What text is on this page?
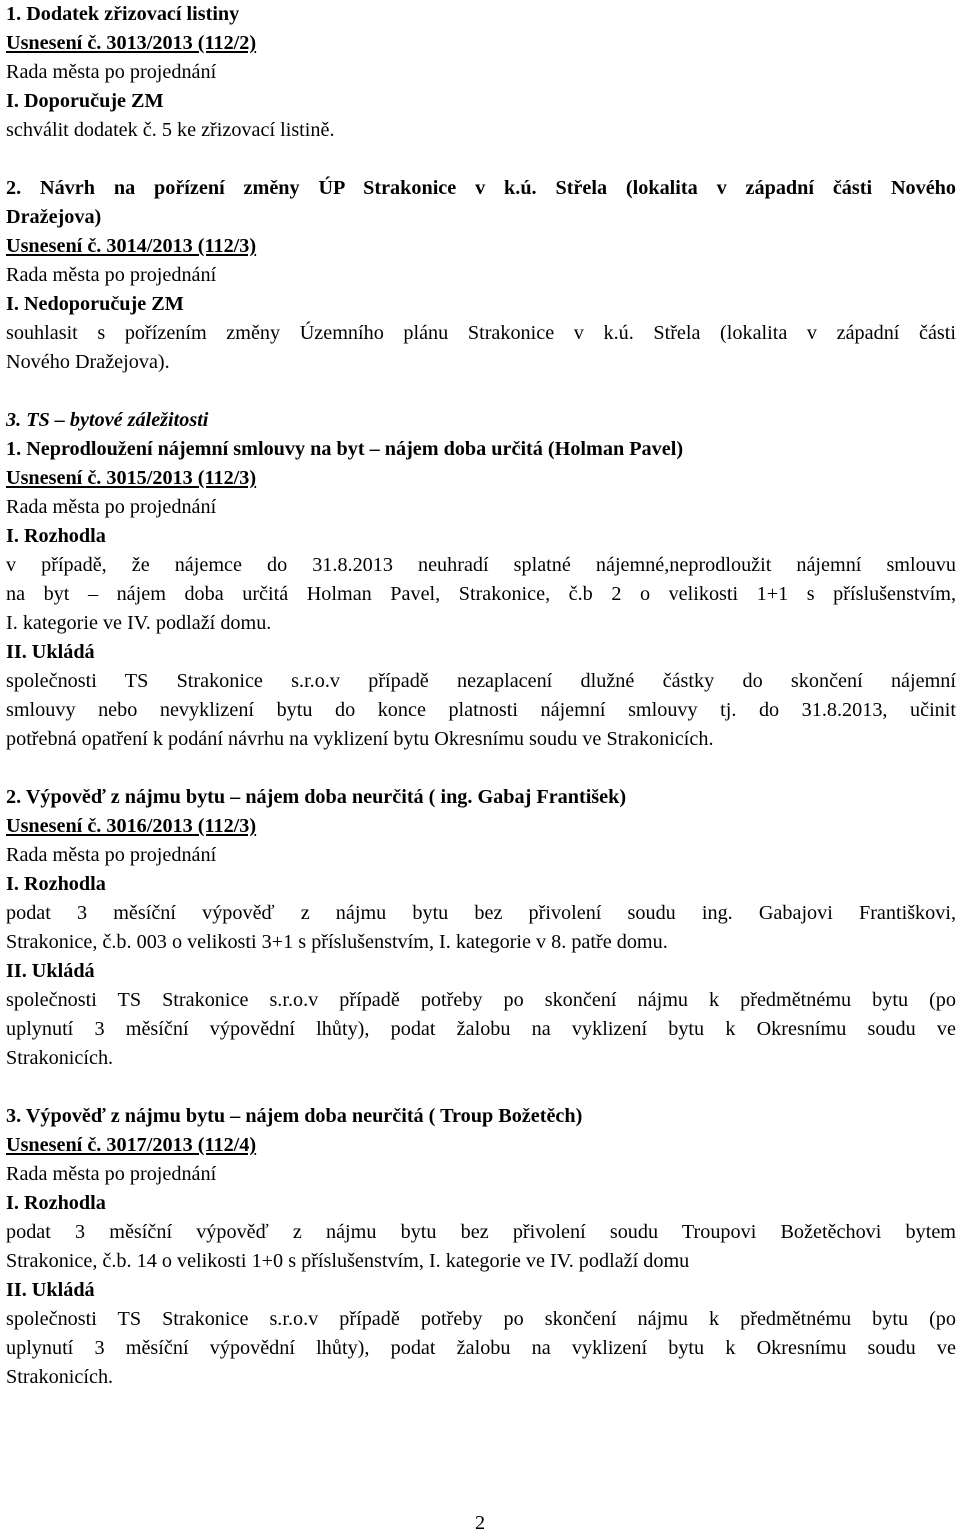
1. Dodatek zřizovací listiny
Usnesení č. 3013/2013 (112/2)
Rada města po projednání
I. Doporučuje ZM
schválit dodatek č. 5 ke zřizovací listině.
2. Návrh na pořízení změny ÚP Strakonice v k.ú. Střela (lokalita v západní části Nového
Dražejova)
Usnesení č. 3014/2013 (112/3)
Rada města po projednání
I. Nedoporučuje ZM
souhlasit s pořízením změny Územního plánu Strakonice v k.ú. Střela (lokalita v západní části
Nového Dražejova).
3. TS – bytové záležitosti
1. Neprodloužení nájemní smlouvy na byt – nájem doba určitá (Holman Pavel)
Usnesení č. 3015/2013 (112/3)
Rada města po projednání
I. Rozhodla
v případě, že nájemce do 31.8.2013 neuhradí splatné nájemné,neprodloužit nájemní smlouvu
na byt – nájem doba určitá Holman Pavel, Strakonice, č.b 2 o velikosti 1+1 s příslušenstvím,
I. kategorie ve IV. podlaží domu.
II. Ukládá
společnosti TS Strakonice s.r.o.v případě nezaplacení dlužné částky do skončení nájemní
smlouvy nebo nevyklizení bytu do konce platnosti nájemní smlouvy tj. do 31.8.2013, učinit
potřebná opatření k podání návrhu na vyklizení bytu Okresnímu soudu ve Strakonicích.
2. Výpověď z nájmu bytu – nájem doba neurčitá ( ing. Gabaj František)
Usnesení č. 3016/2013 (112/3)
Rada města po projednání
I. Rozhodla
podat 3 měsíční výpověď z nájmu bytu bez přivolení soudu ing. Gabajovi Františkovi,
Strakonice, č.b. 003 o velikosti 3+1 s příslušenstvím, I. kategorie v 8. patře domu.
II. Ukládá
společnosti TS Strakonice s.r.o.v případě potřeby po skončení nájmu k předmětnému bytu (po
uplynutí 3 měsíční výpovědní lhůty), podat žalobu na vyklizení bytu k Okresnímu soudu ve
Strakonicích.
3. Výpověď z nájmu bytu – nájem doba neurčitá ( Troup Božetěch)
Usnesení č. 3017/2013 (112/4)
Rada města po projednání
I. Rozhodla
podat 3 měsíční výpověď z nájmu bytu bez přivolení soudu Troupovi Božetěchovi bytem
Strakonice, č.b. 14 o velikosti 1+0 s příslušenstvím, I. kategorie ve IV. podlaží domu
II. Ukládá
společnosti TS Strakonice s.r.o.v případě potřeby po skončení nájmu k předmětnému bytu (po
uplynutí 3 měsíční výpovědní lhůty), podat žalobu na vyklizení bytu k Okresnímu soudu ve
Strakonicích.
2
